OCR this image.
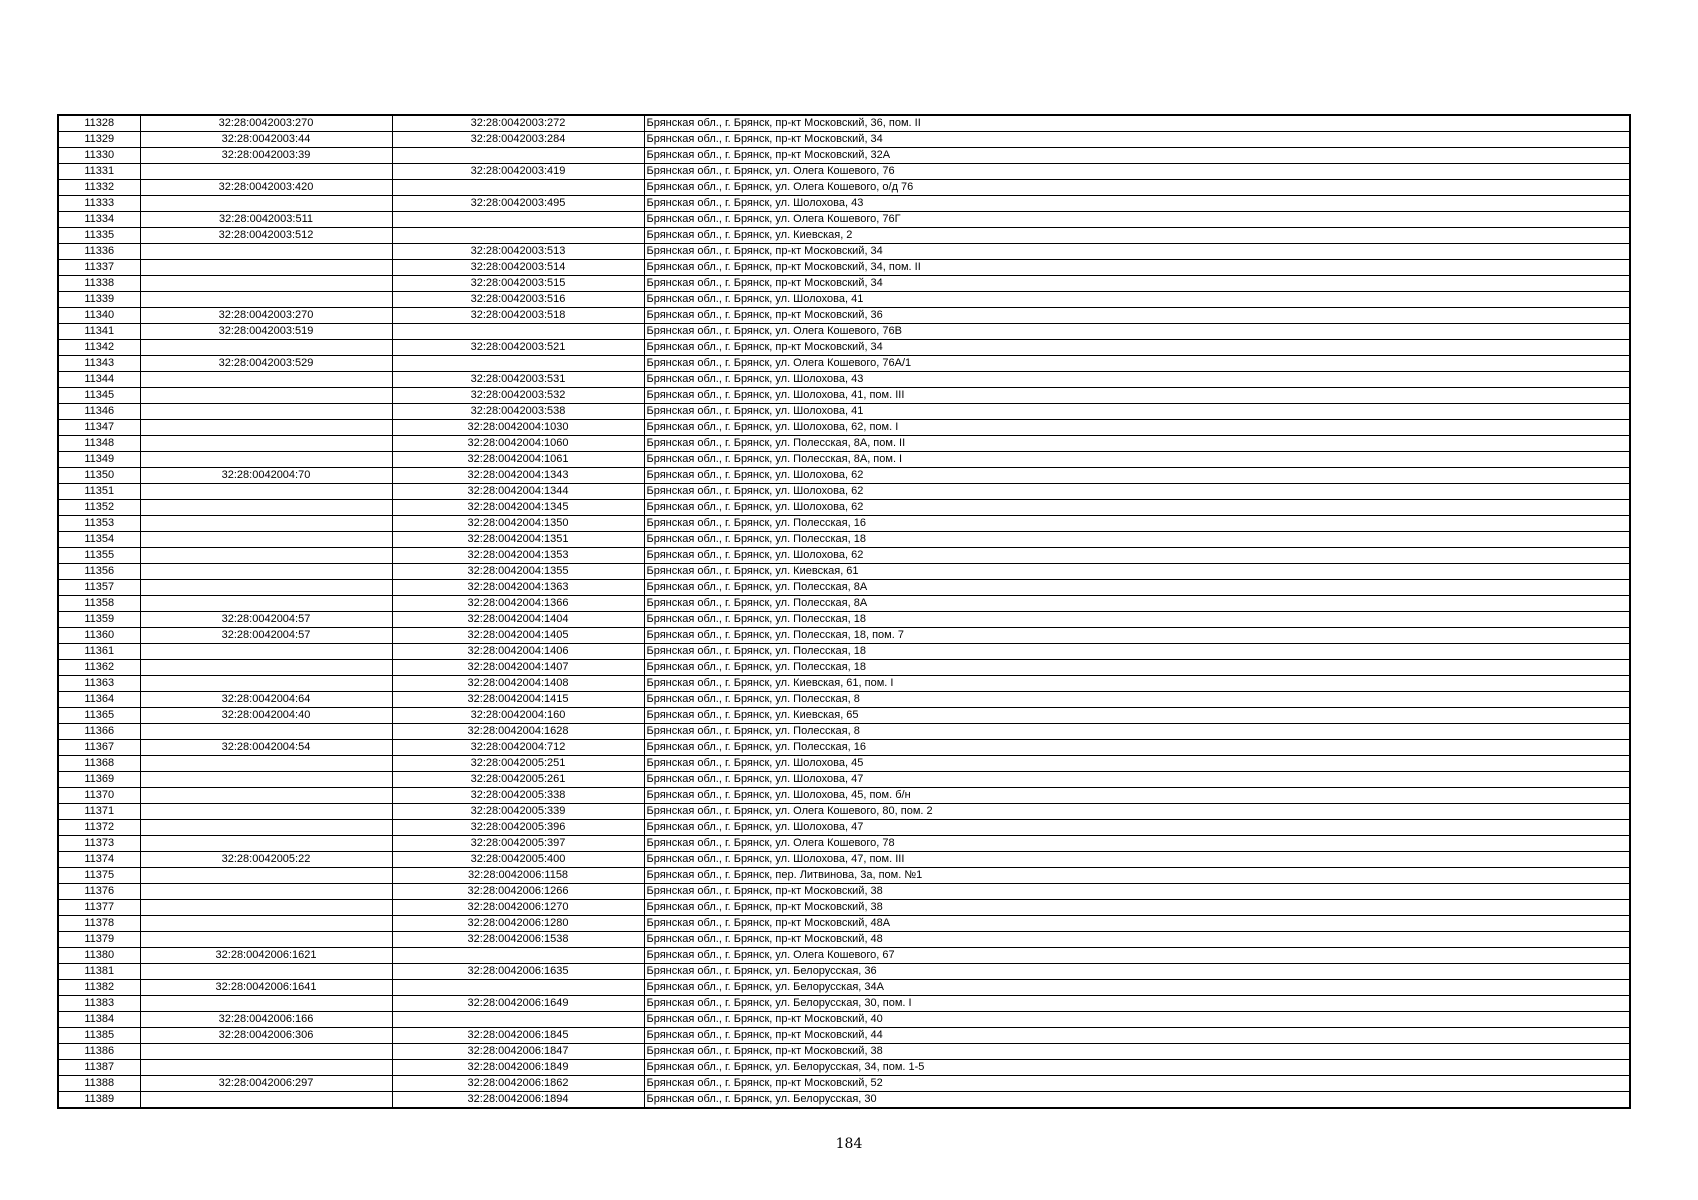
11328	32:28:0042003:270	32:28:0042003:272	Брянская обл., г. Брянск, пр-кт Московский, 36, пом. II
11329	32:28:0042003:44	32:28:0042003:284	Брянская обл., г. Брянск, пр-кт Московский, 34
11330	32:28:0042003:39		Брянская обл., г. Брянск, пр-кт Московский, 32А
11331		32:28:0042003:419	Брянская обл., г. Брянск, ул. Олега Кошевого, 76
11332	32:28:0042003:420		Брянская обл., г. Брянск, ул. Олега Кошевого, о/д 76
11333		32:28:0042003:495	Брянская обл., г. Брянск, ул. Шолохова, 43
11334	32:28:0042003:511		Брянская обл., г. Брянск, ул. Олега Кошевого, 76Г
11335	32:28:0042003:512		Брянская обл., г. Брянск, ул. Киевская, 2
11336		32:28:0042003:513	Брянская обл., г. Брянск, пр-кт Московский, 34
11337		32:28:0042003:514	Брянская обл., г. Брянск, пр-кт Московский, 34, пом. II
11338		32:28:0042003:515	Брянская обл., г. Брянск, пр-кт Московский, 34
11339		32:28:0042003:516	Брянская обл., г. Брянск, ул. Шолохова, 41
11340	32:28:0042003:270	32:28:0042003:518	Брянская обл., г. Брянск, пр-кт Московский, 36
11341	32:28:0042003:519		Брянская обл., г. Брянск, ул. Олега Кошевого, 76В
11342		32:28:0042003:521	Брянская обл., г. Брянск, пр-кт Московский, 34
11343	32:28:0042003:529		Брянская обл., г. Брянск, ул. Олега Кошевого, 76А/1
11344		32:28:0042003:531	Брянская обл., г. Брянск, ул. Шолохова, 43
11345		32:28:0042003:532	Брянская обл., г. Брянск, ул. Шолохова, 41, пом. III
11346		32:28:0042003:538	Брянская обл., г. Брянск, ул. Шолохова, 41
11347		32:28:0042004:1030	Брянская обл., г. Брянск, ул. Шолохова, 62, пом. I
11348		32:28:0042004:1060	Брянская обл., г. Брянск, ул. Полесская, 8А, пом. II
11349		32:28:0042004:1061	Брянская обл., г. Брянск, ул. Полесская, 8А, пом. I
11350	32:28:0042004:70	32:28:0042004:1343	Брянская обл., г. Брянск, ул. Шолохова, 62
11351		32:28:0042004:1344	Брянская обл., г. Брянск, ул. Шолохова, 62
11352		32:28:0042004:1345	Брянская обл., г. Брянск, ул. Шолохова, 62
11353		32:28:0042004:1350	Брянская обл., г. Брянск, ул. Полесская, 16
11354		32:28:0042004:1351	Брянская обл., г. Брянск, ул. Полесская, 18
11355		32:28:0042004:1353	Брянская обл., г. Брянск, ул. Шолохова, 62
11356		32:28:0042004:1355	Брянская обл., г. Брянск, ул. Киевская, 61
11357		32:28:0042004:1363	Брянская обл., г. Брянск, ул. Полесская, 8А
11358		32:28:0042004:1366	Брянская обл., г. Брянск, ул. Полесская, 8А
11359	32:28:0042004:57	32:28:0042004:1404	Брянская обл., г. Брянск, ул. Полесская, 18
11360	32:28:0042004:57	32:28:0042004:1405	Брянская обл., г. Брянск, ул. Полесская, 18, пом. 7
11361		32:28:0042004:1406	Брянская обл., г. Брянск, ул. Полесская, 18
11362		32:28:0042004:1407	Брянская обл., г. Брянск, ул. Полесская, 18
11363		32:28:0042004:1408	Брянская обл., г. Брянск, ул. Киевская, 61, пом. I
11364	32:28:0042004:64	32:28:0042004:1415	Брянская обл., г. Брянск, ул. Полесская, 8
11365	32:28:0042004:40	32:28:0042004:160	Брянская обл., г. Брянск, ул. Киевская, 65
11366		32:28:0042004:1628	Брянская обл., г. Брянск, ул. Полесская, 8
11367	32:28:0042004:54	32:28:0042004:712	Брянская обл., г. Брянск, ул. Полесская, 16
11368		32:28:0042005:251	Брянская обл., г. Брянск, ул. Шолохова, 45
11369		32:28:0042005:261	Брянская обл., г. Брянск, ул. Шолохова, 47
11370		32:28:0042005:338	Брянская обл., г. Брянск, ул. Шолохова, 45, пом. б/н
11371		32:28:0042005:339	Брянская обл., г. Брянск, ул. Олега Кошевого, 80, пом. 2
11372		32:28:0042005:396	Брянская обл., г. Брянск, ул. Шолохова, 47
11373		32:28:0042005:397	Брянская обл., г. Брянск, ул. Олега Кошевого, 78
11374	32:28:0042005:22	32:28:0042005:400	Брянская обл., г. Брянск, ул. Шолохова, 47, пом. III
11375		32:28:0042006:1158	Брянская обл., г. Брянск, пер. Литвинова, 3а, пом. №1
11376		32:28:0042006:1266	Брянская обл., г. Брянск, пр-кт Московский, 38
11377		32:28:0042006:1270	Брянская обл., г. Брянск, пр-кт Московский, 38
11378		32:28:0042006:1280	Брянская обл., г. Брянск, пр-кт Московский, 48А
11379		32:28:0042006:1538	Брянская обл., г. Брянск, пр-кт Московский, 48
11380	32:28:0042006:1621		Брянская обл., г. Брянск, ул. Олега Кошевого, 67
11381		32:28:0042006:1635	Брянская обл., г. Брянск, ул. Белорусская, 36
11382	32:28:0042006:1641		Брянская обл., г. Брянск, ул. Белорусская, 34А
11383		32:28:0042006:1649	Брянская обл., г. Брянск, ул. Белорусская, 30, пом. I
11384	32:28:0042006:166		Брянская обл., г. Брянск, пр-кт Московский, 40
11385	32:28:0042006:306	32:28:0042006:1845	Брянская обл., г. Брянск, пр-кт Московский, 44
11386		32:28:0042006:1847	Брянская обл., г. Брянск, пр-кт Московский, 38
11387		32:28:0042006:1849	Брянская обл., г. Брянск, ул. Белорусская, 34, пом. 1-5
11388	32:28:0042006:297	32:28:0042006:1862	Брянская обл., г. Брянск, пр-кт Московский, 52
11389		32:28:0042006:1894	Брянская обл., г. Брянск, ул. Белорусская, 30
184
